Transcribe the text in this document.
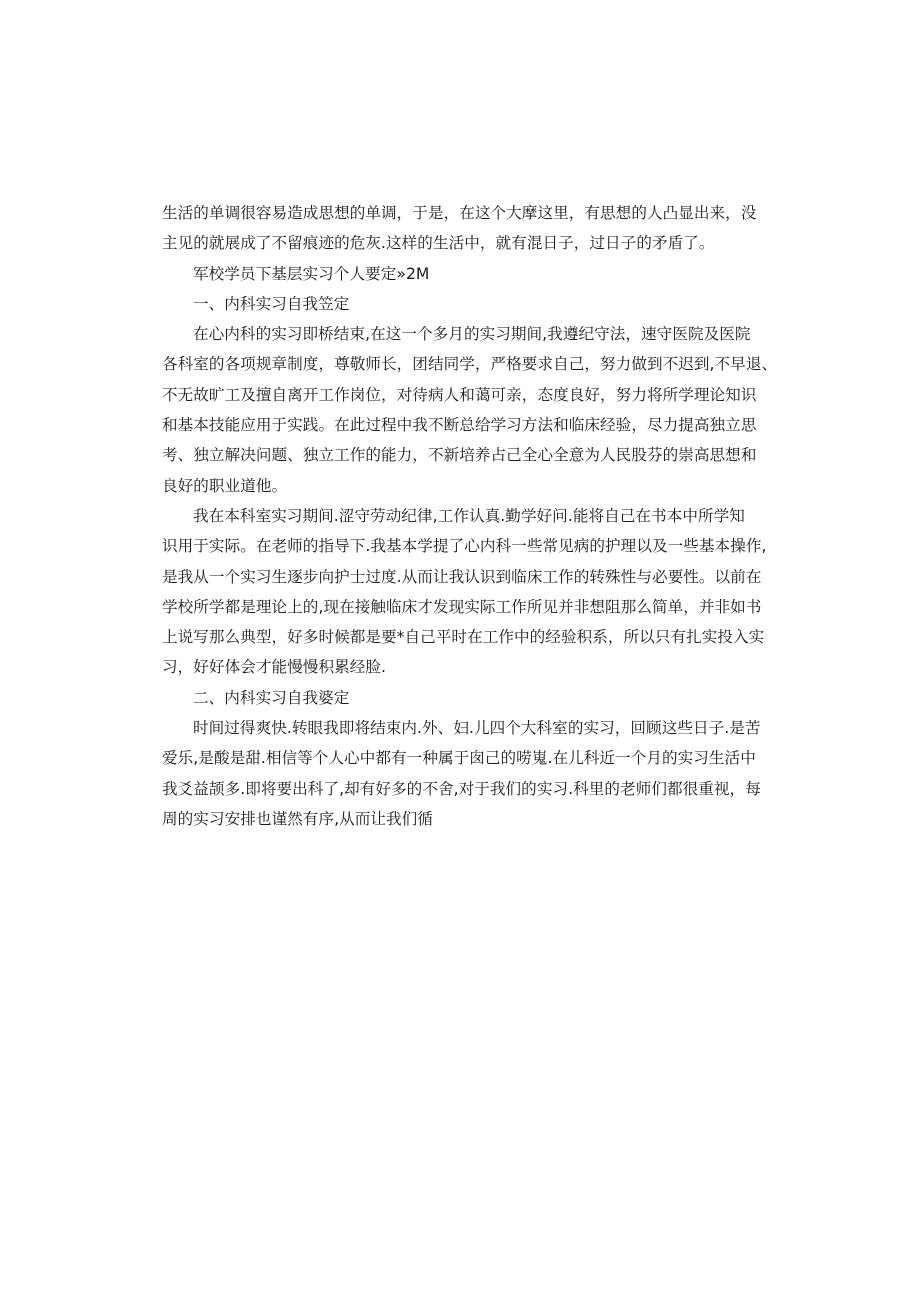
生活的单调很容易造成思想的单调，于是，在这个大摩这里，有思想的人凸显出来，没
主见的就展成了不留痕迹的危灰.这样的生活中，就有混日子，过日子的矛盾了。
军校学员下基层实习个人要定»2M
一、内科实习自我笠定
在心内科的实习即桥结束,在这一个多月的实习期间,我遵纪守法，速守医院及医院
各科室的各项规章制度，尊敬师长，团结同学，严格要求自己，努力做到不迟到,不早退、
不无故旷工及擅自离开工作岗位，对待病人和蔼可亲，态度良好，努力将所学理论知识
和基本技能应用于实践。在此过程中我不断总给学习方法和临床经验，尽力提高独立思
考、独立解决问题、独立工作的能力，不新培养占己全心全意为人民股芬的崇高思想和
良好的职业道他。
我在本科室实习期间.涩守劳动纪律,工作认真.勤学好问.能将自己在书本中所学知
识用于实际。在老师的指导下.我基本学提了心内科一些常见病的护理以及一些基本操作,
是我从一个实习生逐步向护士过度.从而让我认识到临床工作的转殊性与必要性。以前在
学校所学都是理论上的,现在接触临床才发现实际工作所见并非想阻那么简单，并非如书
上说写那么典型，好多时候都是要*自己平时在工作中的经验积系，所以只有扎实投入实
习，好好体会才能慢慢积累经脸.
二、内科实习自我婆定
时间过得爽快.转眼我即将结束内.外、妇.儿四个大科室的实习，回顾这些日子.是苦
爱乐,是酸是甜.相信等个人心中都有一种属于囱己的唠嵬.在儿科近一个月的实习生活中
我爻益颉多.即将要出科了,却有好多的不舍,对于我们的实习.科里的老师们都很重视，每
周的实习安排也谨然有序,从而让我们循
